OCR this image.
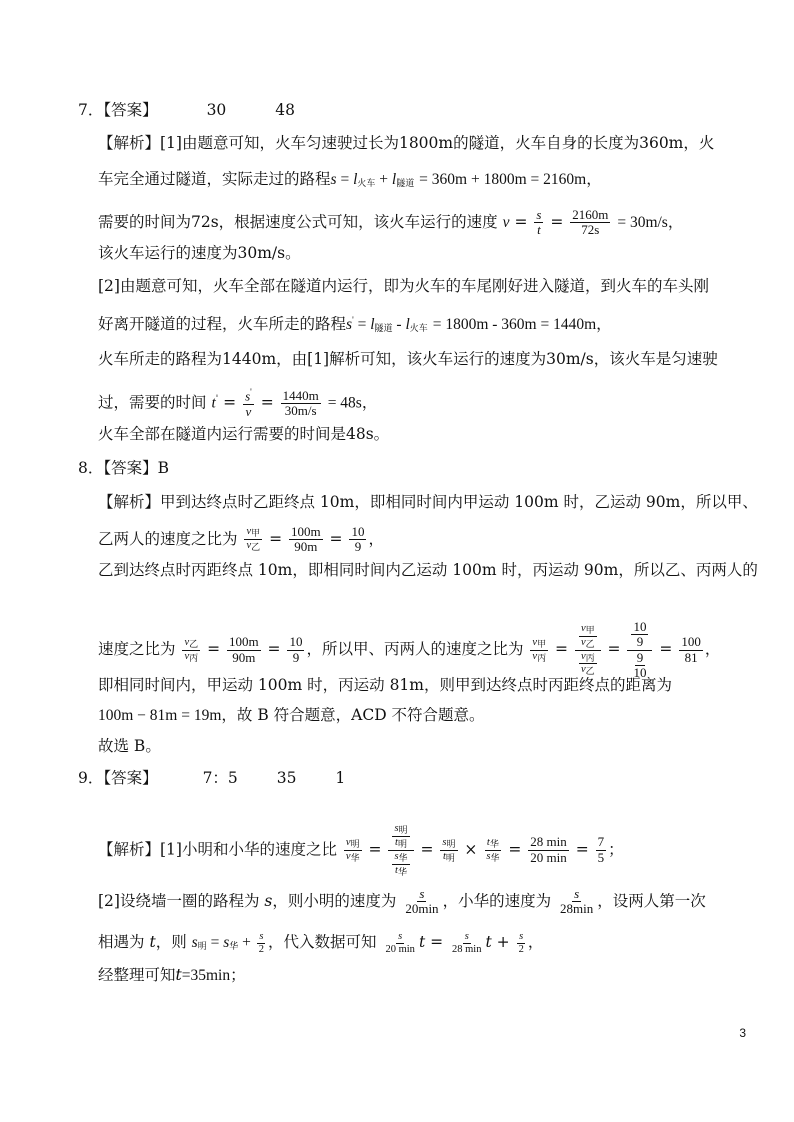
7．【答案】	30	48
【解析】[1]由题意可知，火车匀速驶过长为1800m的隧道，火车自身的长度为360m，火
车完全通过隧道，实际走过的路程$s = l_{火车} + l_{隧道} = 360m + 1800m = 2160m$，
需要的时间为72s，根据速度公式可知，该火车运行的速度 $v = \frac{s}{t} = \frac{2160m}{72s} = 30m/s$，
该火车运行的速度为30m/s。
[2]由题意可知，火车全部在隧道内运行，即为火车的车尾刚好进入隧道，到火车的车头刚
好离开隧道的过程，火车所走的路程$s' = l_{隧道} - l_{火车} = 1800m - 360m = 1440m$，
火车所走的路程为1440m，由[1]解析可知，该火车运行的速度为30m/s，该火车是匀速驶
过，需要的时间 $t' = \frac{s'}{v} = \frac{1440m}{30m/s} = 48s$，
火车全部在隧道内运行需要的时间是48s。
8．【答案】B
【解析】甲到达终点时乙距终点 10m，即相同时间内甲运动 100m 时，乙运动 90m，所以甲、
乙两人的速度之比为 $\frac{v_甲}{v_乙} = \frac{100m}{90m} = \frac{10}{9}$ ，
乙到达终点时丙距终点 10m，即相同时间内乙运动 100m 时，丙运动 90m，所以乙、丙两人的
速度之比为 $\frac{v_乙}{v_丙} = \frac{100m}{90m} = \frac{10}{9}$ ，所以甲、丙两人的速度之比为 $\frac{v_甲}{v_丙} = \frac{\frac{v_甲}{v_乙}}{\frac{v_丙}{v_乙}} = \frac{\frac{10}{9}}{\frac{9}{10}} = \frac{100}{81}$ ，
即相同时间内，甲运动 100m 时，丙运动 81m，则甲到达终点时丙距终点的距离为
100m − 81m = 19m，故 B 符合题意，ACD 不符合题意。
故选 B。
9．【答案】	7：5	35	1
【解析】[1]小明和小华的速度之比 $\frac{v_明}{v_华} = \frac{\frac{s_明}{t_明}}{\frac{s_华}{t_华}} = \frac{s_明}{t_明} \times \frac{t_华}{s_华} = \frac{28 \min}{20 \min} = \frac{7}{5}$ ；
[2]设绕墙一圈的路程为 s，则小明的速度为 $\frac{s}{20\min}$ ，小华的速度为 $\frac{s}{28\min}$ ，设两人第一次
相遇为 t，则 $s_明 = s_华 + \frac{s}{2}$ ，代入数据可知 $\frac{s}{20 \min}$ $t = \frac{s}{28 \min}$ $t + \frac{s}{2}$ ，
经整理可知t=35min；
3
